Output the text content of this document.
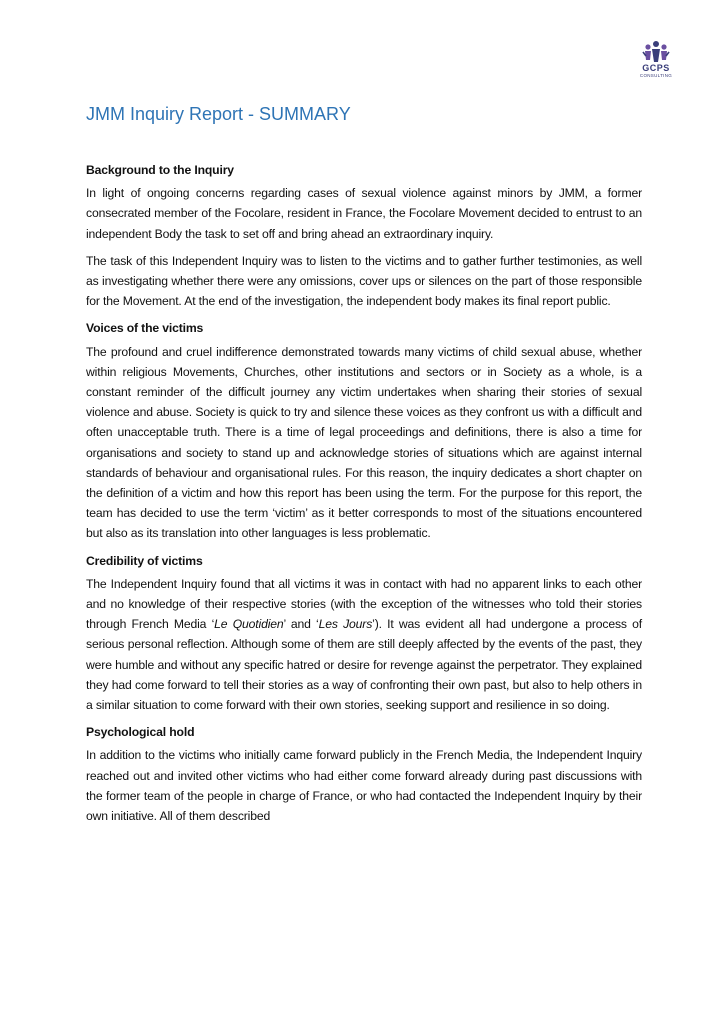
GCPS
CONSULTING
JMM Inquiry Report - SUMMARY

Background to the Inquiry

In light of ongoing concerns regarding cases of sexual violence against minors by JMM, a former consecrated member of the Focolare, resident in France, the Focolare Movement decided to entrust to an independent Body the task to set off and bring ahead an extraordinary inquiry.

The task of this Independent Inquiry was to listen to the victims and to gather further testimonies, as well as investigating whether there were any omissions, cover ups or silences on the part of those responsible for the Movement. At the end of the investigation, the independent body makes its final report public.

Voices of the victims

The profound and cruel indifference demonstrated towards many victims of child sexual abuse, whether within religious Movements, Churches, other institutions and sectors or in Society as a whole, is a constant reminder of the difficult journey any victim undertakes when sharing their stories of sexual violence and abuse. Society is quick to try and silence these voices as they confront us with a difficult and often unacceptable truth. There is a time of legal proceedings and definitions, there is also a time for organisations and society to stand up and acknowledge stories of situations which are against internal standards of behaviour and organisational rules. For this reason, the inquiry dedicates a short chapter on the definition of a victim and how this report has been using the term. For the purpose for this report, the team has decided to use the term ‘victim’ as it better corresponds to most of the situations encountered but also as its translation into other languages is less problematic.

Credibility of victims

The Independent Inquiry found that all victims it was in contact with had no apparent links to each other and no knowledge of their respective stories (with the exception of the witnesses who told their stories through French Media ‘Le Quotidien’ and ‘Les Jours’). It was evident all had undergone a process of serious personal reflection. Although some of them are still deeply affected by the events of the past, they were humble and without any specific hatred or desire for revenge against the perpetrator. They explained they had come forward to tell their stories as a way of confronting their own past, but also to help others in a similar situation to come forward with their own stories, seeking support and resilience in so doing.

Psychological hold

In addition to the victims who initially came forward publicly in the French Media, the Independent Inquiry reached out and invited other victims who had either come forward already during past discussions with the former team of the people in charge of France, or who had contacted the Independent Inquiry by their own initiative. All of them described
